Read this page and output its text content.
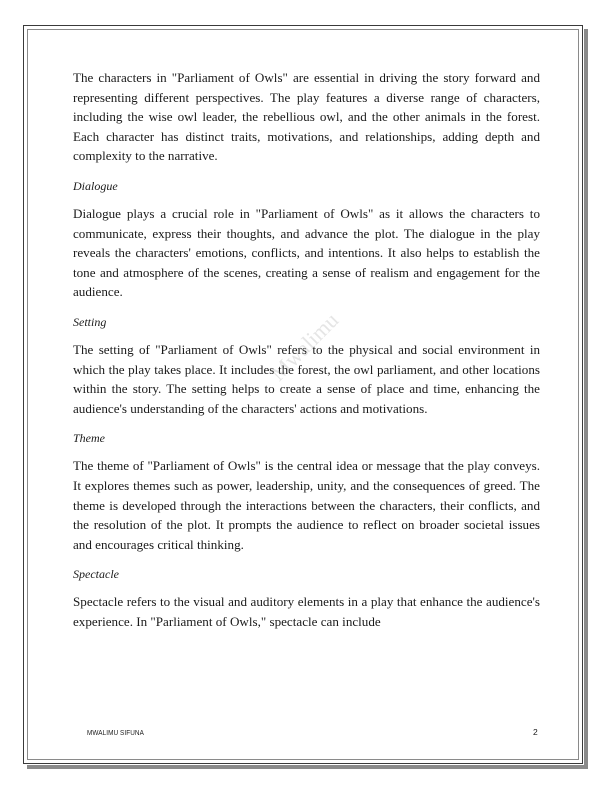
The characters in "Parliament of Owls" are essential in driving the story forward and representing different perspectives. The play features a diverse range of characters, including the wise owl leader, the rebellious owl, and the other animals in the forest. Each character has distinct traits, motivations, and relationships, adding depth and complexity to the narrative.

Dialogue

Dialogue plays a crucial role in "Parliament of Owls" as it allows the characters to communicate, express their thoughts, and advance the plot. The dialogue in the play reveals the characters' emotions, conflicts, and intentions. It also helps to establish the tone and atmosphere of the scenes, creating a sense of realism and engagement for the audience.

Setting

The setting of "Parliament of Owls" refers to the physical and social environment in which the play takes place. It includes the forest, the owl parliament, and other locations within the story. The setting helps to create a sense of place and time, enhancing the audience's understanding of the characters' actions and motivations.

Theme

The theme of "Parliament of Owls" is the central idea or message that the play conveys. It explores themes such as power, leadership, unity, and the consequences of greed. The theme is developed through the interactions between the characters, their conflicts, and the resolution of the plot. It prompts the audience to reflect on broader societal issues and encourages critical thinking.

Spectacle

Spectacle refers to the visual and auditory elements in a play that enhance the audience's experience. In "Parliament of Owls," spectacle can include

Mwalimu
MWALIMU SIFUNA	2
